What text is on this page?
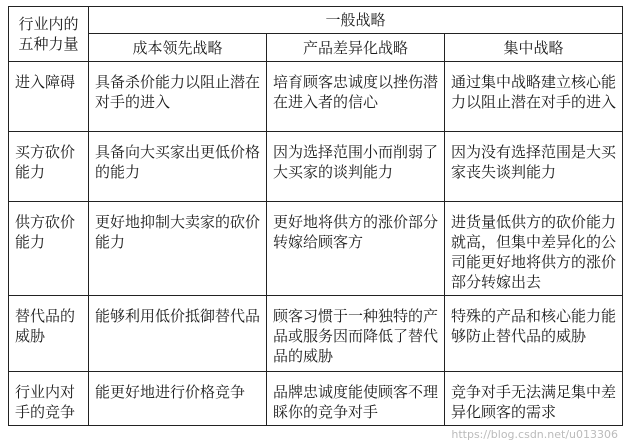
行业内的五种力量	一般战略		
	成本领先战略	产品差异化战略	集中战略
进入障碍	具备杀价能力以阻止潜在对手的进入	培育顾客忠诚度以挫伤潜在进入者的信心	通过集中战略建立核心能力以阻止潜在对手的进入
买方砍价能力	具备向大买家出更低价格的能力	因为选择范围小而削弱了大买家的谈判能力	因为没有选择范围是大买家丧失谈判能力
供方砍价能力	更好地抑制大卖家的砍价能力	更好地将供方的涨价部分转嫁给顾客方	进货量低供方的砍价能力就高，但集中差异化的公司能更好地将供方的涨价部分转嫁出去
替代品的威胁	能够利用低价抵御替代品	顾客习惯于一种独特的产品或服务因而降低了替代品的威胁	特殊的产品和核心能力能够防止替代品的威胁
行业内对手的竞争	能更好地进行价格竞争	品牌忠诚度能使顾客不理睬你的竞争对手	竞争对手无法满足集中差异化顾客的需求
https://blog.csdn.net/u013306
